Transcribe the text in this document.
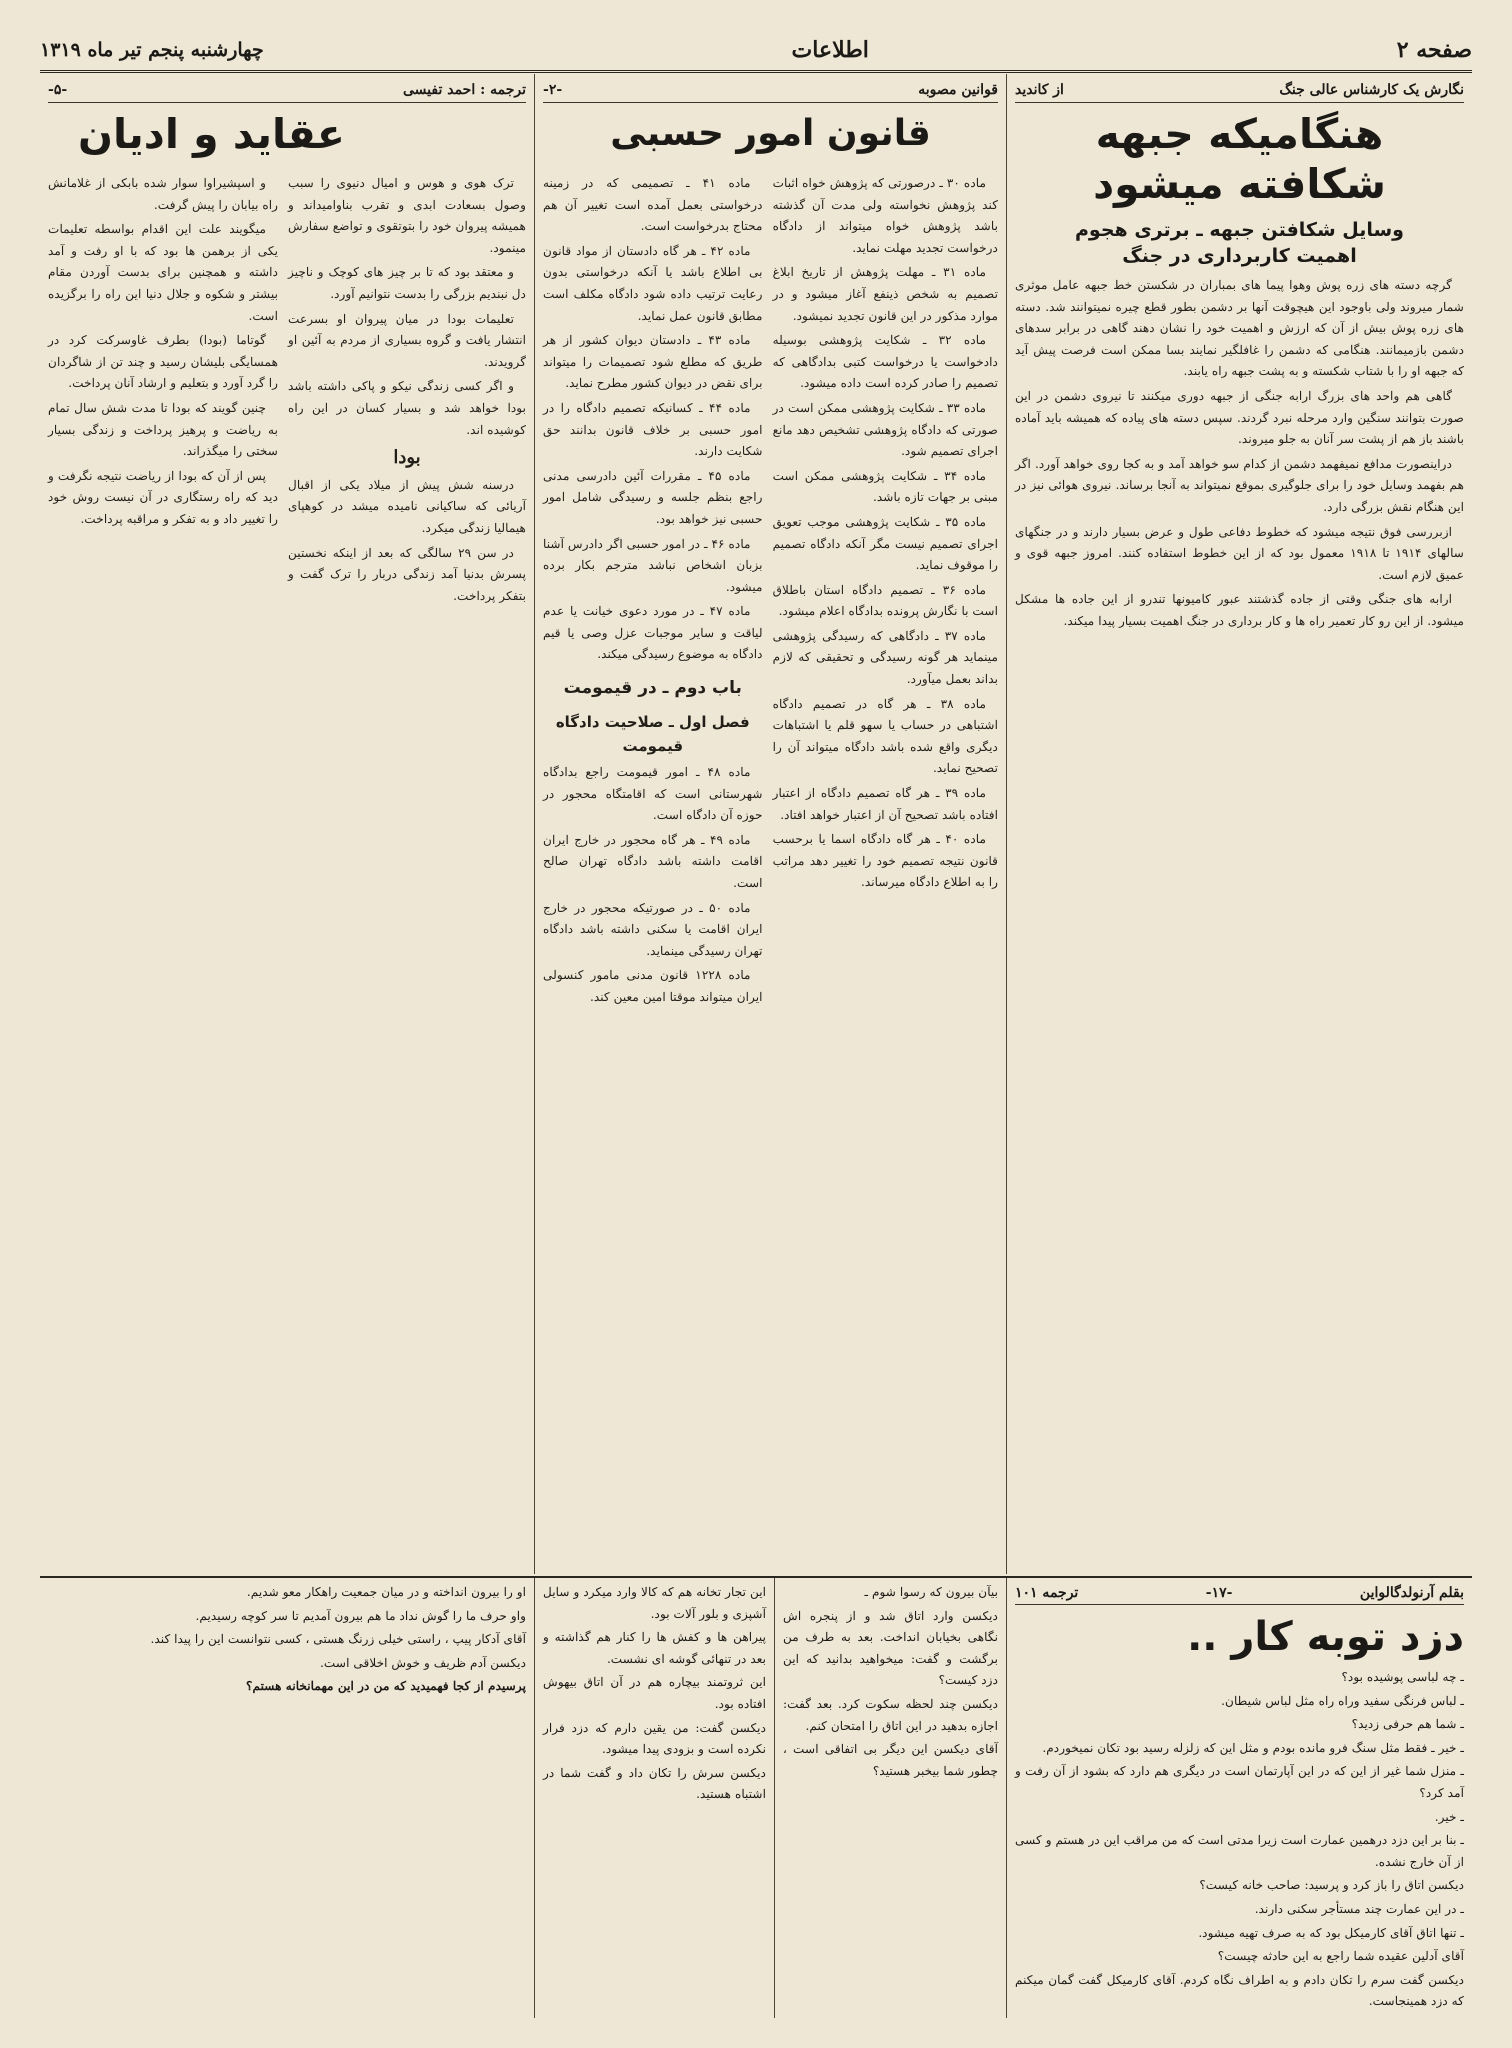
صفحه ۲
اطلاعات
چهارشنبه پنجم تیر ماه ۱۳۱۹
نگارش یک کارشناس عالی جنگ
از کاندید
هنگامیکه جبهه شکافته میشود
وسایل شکافتن جبهه ـ برتری هجوم
اهمیت کاربرداری در جنگ

گرچه دسته های زره پوش وهوا پیما های بمباران در شکستن خط جبهه عامل موثری شمار میروند ولی باوجود این هیچوقت آنها بر دشمن بطور قطع چیره نمیتوانند شد. دسته های زره پوش بیش از آن که ارزش و اهمیت خود را نشان دهند گاهی در برابر سدهای دشمن بازمیمانند. هنگامی که دشمن را غافلگیر نمایند بسا ممکن است فرصت پیش آید که جبهه او را با شتاب شکسته و به پشت جبهه راه یابند.

گاهی هم واحد های بزرگ ارابه جنگی از جبهه دوری میکنند تا نیروی دشمن در این صورت بتوانند سنگین وارد مرحله نبرد گردند. سپس دسته های پیاده که همیشه باید آماده باشند باز هم از پشت سر آنان به جلو میروند.

دراینصورت مدافع نمیفهمد دشمن از کدام سو خواهد آمد و به کجا روی خواهد آورد. اگر هم بفهمد وسایل خود را برای جلوگیری بموقع نمیتواند به آنجا برساند. نیروی هوائی نیز در این هنگام نقش بزرگی دارد.

ازبررسی فوق نتیجه میشود که خطوط دفاعی طول و عرض بسیار دارند و در جنگهای سالهای ۱۹۱۴ تا ۱۹۱۸ معمول بود که از این خطوط استفاده کنند. امروز جبهه قوی و عمیق لازم است.

ارابه های جنگی وقتی از جاده گذشتند عبور کامیونها تندرو از این جاده ها مشکل میشود. از این رو کار تعمیر راه ها و کار برداری در جنگ اهمیت بسیار پیدا میکند.

قوانین مصوبه
-۲-
قانون امور حسبی

ماده ۳۰ ـ درصورتی که پژوهش خواه اثبات کند پژوهش نخواسته ولی مدت آن گذشته باشد پژوهش خواه میتواند از دادگاه درخواست تجدید مهلت نماید.

ماده ۳۱ ـ مهلت پژوهش از تاریخ ابلاغ تصمیم به شخص ذینفع آغاز میشود و در موارد مذکور در این قانون تجدید نمیشود.

ماده ۳۲ ـ شکایت پژوهشی بوسیله دادخواست یا درخواست کتبی بدادگاهی که تصمیم را صادر کرده است داده میشود.

ماده ۳۳ ـ شکایت پژوهشی ممکن است در صورتی که دادگاه پژوهشی تشخیص دهد مانع اجرای تصمیم شود.

ماده ۳۴ ـ شکایت پژوهشی ممکن است مبنی بر جهات تازه باشد.

ماده ۳۵ ـ شکایت پژوهشی موجب تعویق اجرای تصمیم نیست مگر آنکه دادگاه تصمیم را موقوف نماید.

ماده ۳۶ ـ تصمیم دادگاه استان باطلاق است با نگارش پرونده بدادگاه اعلام میشود.

ماده ۳۷ ـ دادگاهی که رسیدگی پژوهشی مینماید هر گونه رسیدگی و تحقیقی که لازم بداند بعمل میآورد.

ماده ۳۸ ـ هر گاه در تصمیم دادگاه اشتباهی در حساب یا سهو قلم یا اشتباهات دیگری واقع شده باشد دادگاه میتواند آن را تصحیح نماید.

ماده ۳۹ ـ هر گاه تصمیم دادگاه از اعتبار افتاده باشد تصحیح آن از اعتبار خواهد افتاد.

ماده ۴۰ ـ هر گاه دادگاه اسما یا برحسب قانون نتیجه تصمیم خود را تغییر دهد مراتب را به اطلاع دادگاه میرساند.

ماده ۴۱ ـ تصمیمی که در زمینه درخواستی بعمل آمده است تغییر آن هم محتاج بدرخواست است.

ماده ۴۲ ـ هر گاه دادستان از مواد قانون بی اطلاع باشد یا آنکه درخواستی بدون رعایت ترتیب داده شود دادگاه مکلف است مطابق قانون عمل نماید.

ماده ۴۳ ـ دادستان دیوان کشور از هر طریق که مطلع شود تصمیمات را میتواند برای نقض در دیوان کشور مطرح نماید.

ماده ۴۴ ـ کسانیکه تصمیم دادگاه را در امور حسبی بر خلاف قانون بدانند حق شکایت دارند.

ماده ۴۵ ـ مقررات آئین دادرسی مدنی راجع بنظم جلسه و رسیدگی شامل امور حسبی نیز خواهد بود.

ماده ۴۶ ـ در امور حسبی اگر دادرس آشنا بزبان اشخاص نباشد مترجم بکار برده میشود.

ماده ۴۷ ـ در مورد دعوی خیانت یا عدم لیاقت و سایر موجبات عزل وصی یا قیم دادگاه به موضوع رسیدگی میکند.

باب دوم ـ در قیمومت
فصل اول ـ صلاحیت دادگاه قیمومت

ماده ۴۸ ـ امور قیمومت راجع بدادگاه شهرستانی است که اقامتگاه محجور در حوزه آن دادگاه است.

ماده ۴۹ ـ هر گاه محجور در خارج ایران اقامت داشته باشد دادگاه تهران صالح است.

ماده ۵۰ ـ در صورتیکه محجور در خارج ایران اقامت یا سکنی داشته باشد دادگاه تهران رسیدگی مینماید.

ماده ۱۲۲۸ قانون مدنی مامور کنسولی ایران میتواند موقتا امین معین کند.

ترجمه : احمد تفیسی
-۵-
عقاید و ادیان

ترک هوی و هوس و امیال دنیوی را سبب وصول بسعادت ابدی و تقرب بناوامیداند و همیشه پیروان خود را بتوتقوی و تواضع سفارش مینمود.

و معتقد بود که تا بر چیز های کوچک و ناچیز دل نبندیم بزرگی را بدست نتوانیم آورد.

تعلیمات بودا در میان پیروان او بسرعت انتشار یافت و گروه بسیاری از مردم به آئین او گرویدند.

و اگر کسی زندگی نیکو و پاکی داشته باشد بودا خواهد شد و بسیار کسان در این راه کوشیده اند.

بودا

درسنه شش پیش از میلاد یکی از اقبال آریائی که ساکیانی نامیده میشد در کوهپای هیمالیا زندگی میکرد.

در سن ۲۹ سالگی که بعد از اینکه نخستین پسرش بدنیا آمد زندگی دربار را ترک گفت و بتفکر پرداخت.

و اسپشیراوا سوار شده بابکی از غلامانش راه بیابان را پیش گرفت.

میگویند علت این اقدام بواسطه تعلیمات یکی از برهمن ها بود که با او رفت و آمد داشته و همچنین برای بدست آوردن مقام بیشتر و شکوه و جلال دنیا این راه را برگزیده است.

گوتاما (بودا) بطرف غاوسرکت کرد در همسایگی بلیشان رسید و چند تن از شاگردان را گرد آورد و بتعلیم و ارشاد آنان پرداخت.

چنین گویند که بودا تا مدت شش سال تمام به ریاضت و پرهیز پرداخت و زندگی بسیار سختی را میگذراند.

پس از آن که بودا از ریاضت نتیجه نگرفت و دید که راه رستگاری در آن نیست روش خود را تغییر داد و به تفکر و مراقبه پرداخت.

بقلم آرنولدگالواین
-۱۷-
ترجمه ۱۰۱
دزد توبه کار ..

ـ چه لباسی پوشیده بود؟

ـ لباس فرنگی سفید وراه راه مثل لباس شیطان.

ـ شما هم حرفی زدید؟

ـ خیر ـ فقط مثل سنگ فرو مانده بودم و مثل این که زلزله رسید بود تکان نمیخوردم.

ـ منزل شما غیر از این که در این آپارتمان است در دیگری هم دارد که بشود از آن رفت و آمد کرد؟

ـ خیر.

ـ بنا بر این دزد درهمین عمارت است زیرا مدتی است که من مراقب این در هستم و کسی از آن خارج نشده.

دیکسن اتاق را باز کرد و پرسید: صاحب خانه کیست؟

ـ در این عمارت چند مستأجر سکنی دارند.

ـ تنها اتاق آقای کارمیکل بود که به صرف تهیه میشود.

آقای آدلین عقیده شما راجع به این حادثه چیست؟

دیکسن گفت سرم را تکان دادم و به اطراف نگاه کردم. آقای کارمیکل گفت گمان میکنم که دزد همینجاست.

بیآن بیرون که رسوا شوم ـ

دیکسن وارد اتاق شد و از پنجره اش نگاهی بخیابان انداخت. بعد به طرف من برگشت و گفت: میخواهید بدانید که این دزد کیست؟

دیکسن چند لحظه سکوت کرد. بعد گفت: اجازه بدهید در این اتاق را امتحان کنم.

آقای دیکسن این دیگر بی اتفاقی است ، چطور شما بیخبر هستید؟

این تجار تخانه هم که کالا وارد میکرد و سایل آشپزی و بلور آلات بود.

پیراهن ها و کفش ها را کنار هم گذاشته و بعد در تنهائی گوشه ای نشست.

این ثروتمند بیچاره هم در آن اتاق بیهوش افتاده بود.

دیکسن گفت: من یقین دارم که دزد فرار نکرده است و بزودی پیدا میشود.

دیکسن سرش را تکان داد و گفت شما در اشتباه هستید.

او را بیرون انداخته و در میان جمعیت راهکار معو شدیم.

واو حرف ما را گوش نداد ما هم بیرون آمدیم تا سر کوچه رسیدیم.

آقای آدکار پیپ ، راستی خیلی زرنگ هستی ، کسی نتوانست این را پیدا کند.

دیکسن آدم ظریف و خوش اخلاقی است.

پرسیدم از کجا فهمیدید که من در این مهمانخانه هستم؟
